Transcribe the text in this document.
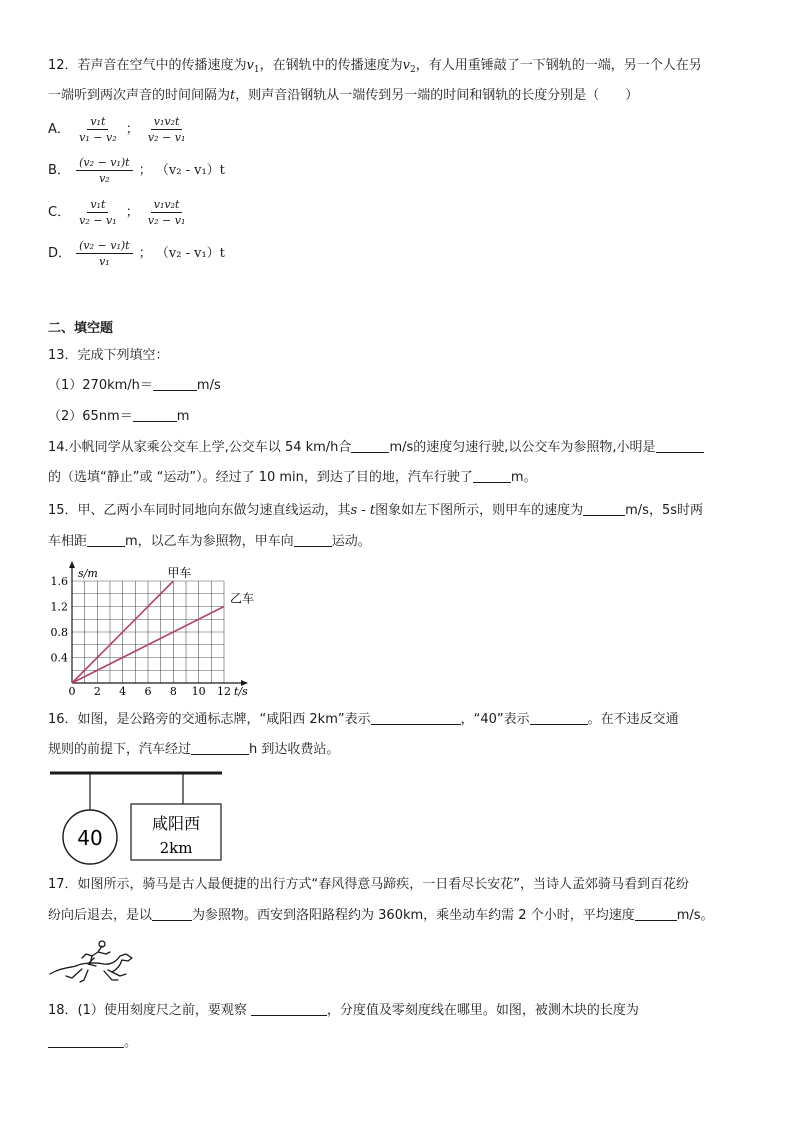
12．若声音在空气中的传播速度为$v_1$，在钢轨中的传播速度为$v_2$，有人用重锤敲了一下钢轨的一端，另一个人在另
一端听到两次声音的时间间隔为t，则声音沿钢轨从一端传到另一端的时间和钢轨的长度分别是（　　）
A． $\frac{\text{v₁t}}{\text{v₁ − v₂}}$ ； $\frac{\text{v₁v₂t}}{\text{v₂ − v₁}}$
B． $\frac{\text{(v₂ − v₁)t}}{\text{v₂}}$ ； （v₂ - v₁）t
C． $\frac{\text{v₁t}}{\text{v₂ − v₁}}$ ； $\frac{\text{v₁v₂t}}{\text{v₂ − v₁}}$
D． $\frac{\text{(v₂ − v₁)t}}{\text{v₁}}$ ； （v₂ - v₁）t
二、填空题
13．完成下列填空：
（1）270km/h＝	m/s
（2）65nm＝	m
14.小帆同学从家乘公交车上学,公交车以 54 km/h合	m/s的速度匀速行驶,以公交车为参照物,小明是
的（选填“静止”或 “运动”）。经过了 10 min，到达了目的地，汽车行驶了	m。
15．甲、乙两小车同时同地向东做匀速直线运动，其s - t图象如左下图所示，则甲车的速度为	m/s，5s时两
车相距	m，以乙车为参照物，甲车向	运动。
0 2 4 6 8 10 12
0.4
0.8
1.2
1.6
t/s
s/m	甲车
乙车
16．如图，是公路旁的交通标志牌，“咸阳西 2km”表示	，“40”表示	。在不违反交通
规则的前提下，汽车经过	h 到达收费站。
40
咸阳西
2km
17．如图所示，骑马是古人最便捷的出行方式“春风得意马蹄疾，一日看尽长安花”，当诗人孟郊骑马看到百花纷
纷向后退去，是以	为参照物。西安到洛阳路程约为 360km，乘坐动车约需 2 个小时，平均速度	m/s。
18．(1）使用刻度尺之前，要观察	，分度值及零刻度线在哪里。如图，被测木块的长度为
。
